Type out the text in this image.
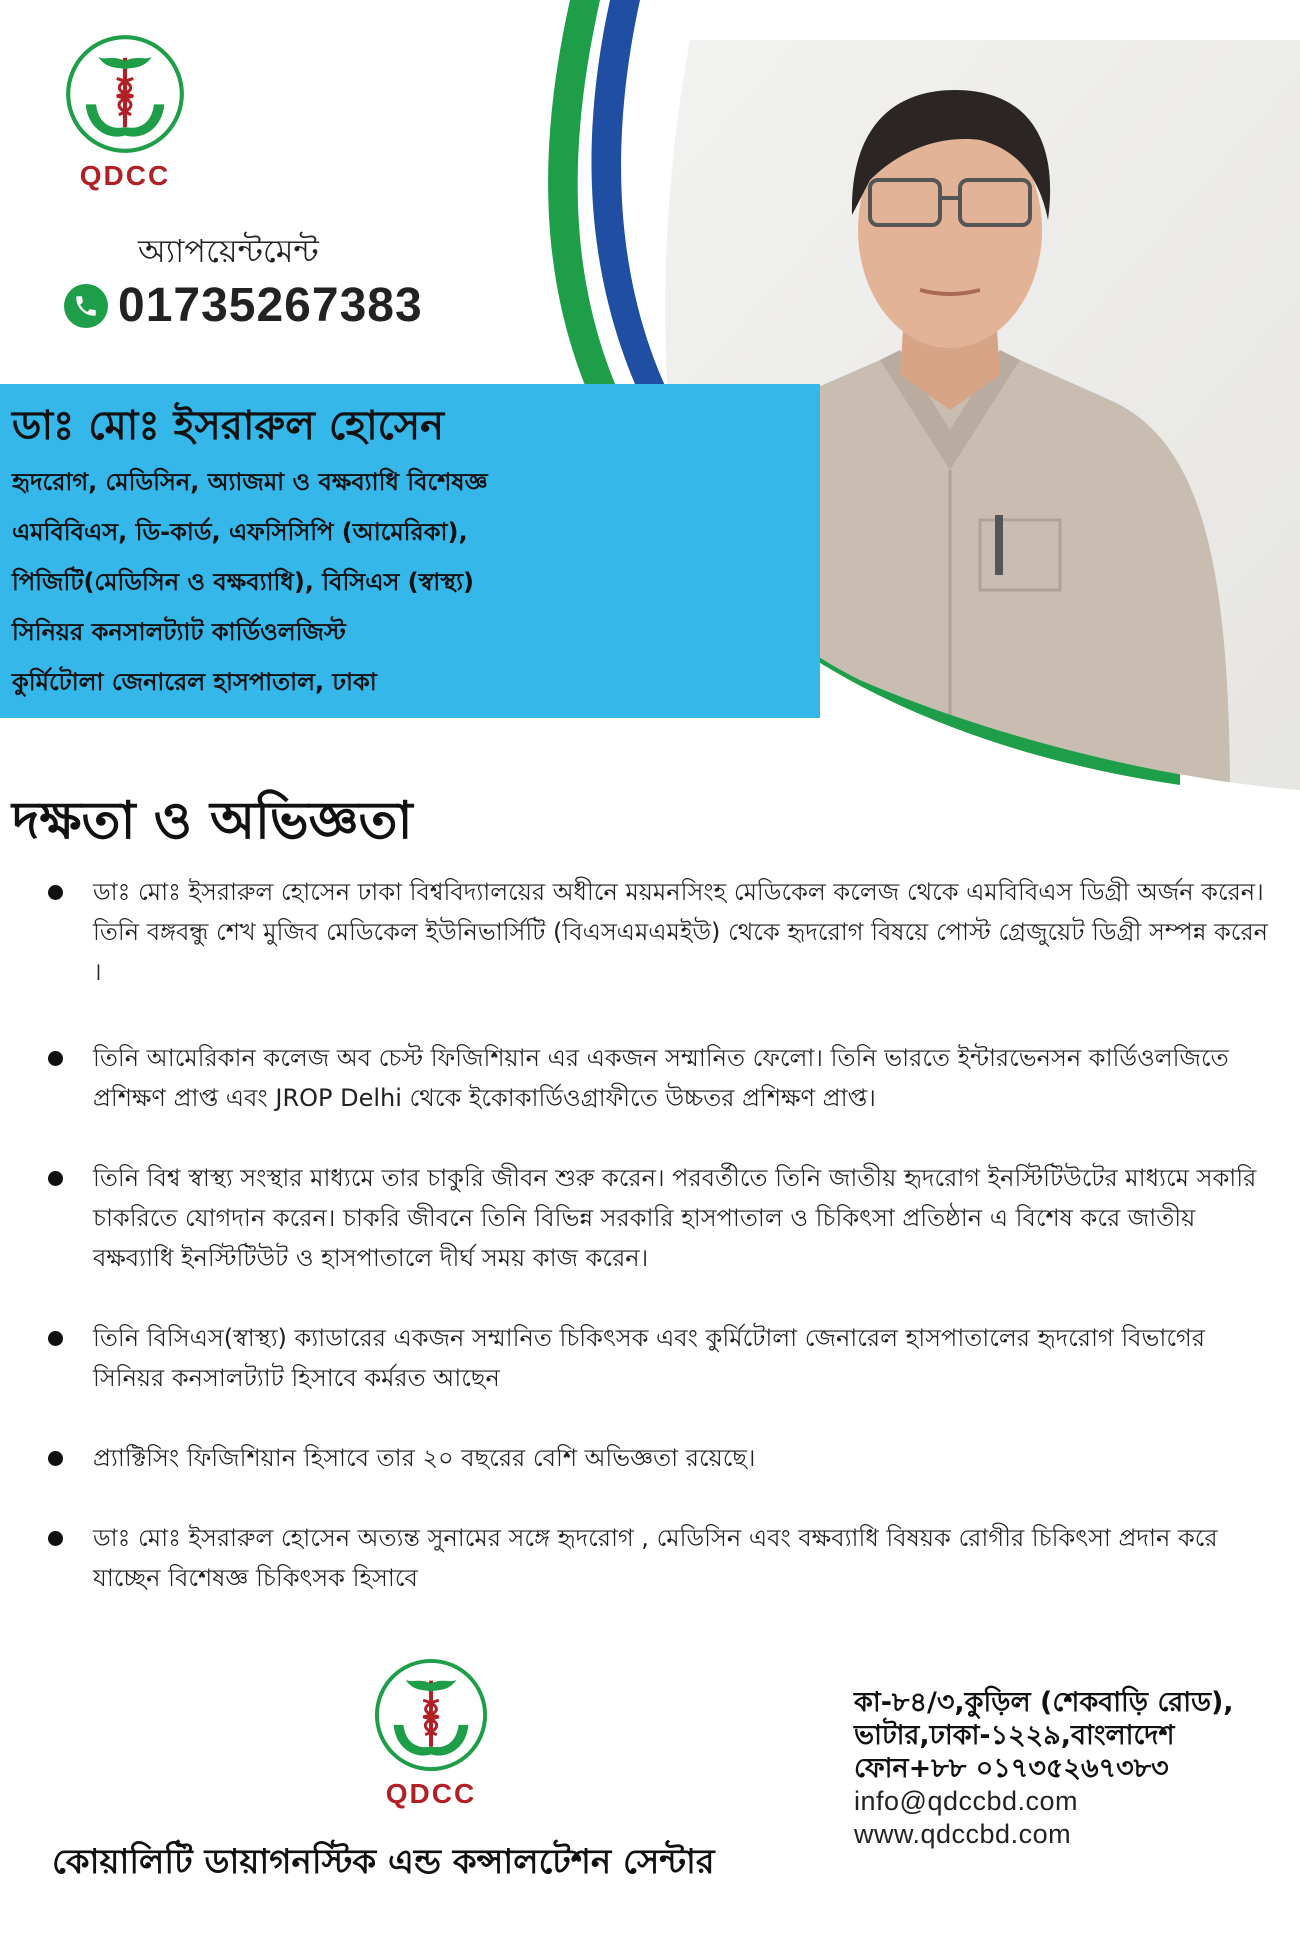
QDCC
অ্যাপয়েন্টমেন্ট
01735267383
ডাঃ মোঃ ইসরারুল হোসেন
হৃদরোগ, মেডিসিন, অ্যাজমা ও বক্ষব্যাধি বিশেষজ্ঞ
এমবিবিএস, ডি-কার্ড, এফসিসিপি (আমেরিকা),
পিজিটি(মেডিসিন ও বক্ষব্যাধি), বিসিএস (স্বাস্থ্য)
সিনিয়র কনসালট্যাট কার্ডিওলজিস্ট
কুর্মিটোলা জেনারেল হাসপাতাল, ঢাকা
দক্ষতা ও অভিজ্ঞতা
ডাঃ মোঃ ইসরারুল হোসেন ঢাকা বিশ্ববিদ্যালয়ের অধীনে ময়মনসিংহ মেডিকেল কলেজ থেকে এমবিবিএস ডিগ্রী অর্জন করেন। তিনি বঙ্গবন্ধু শেখ মুজিব মেডিকেল ইউনিভার্সিটি (বিএসএমএমইউ) থেকে হৃদরোগ বিষয়ে পোস্ট গ্রেজুয়েট ডিগ্রী সম্পন্ন করেন ।
তিনি আমেরিকান কলেজ অব চেস্ট ফিজিশিয়ান এর একজন সম্মানিত ফেলো। তিনি ভারতে ইন্টারভেনসন কার্ডিওলজিতে প্রশিক্ষণ প্রাপ্ত এবং JROP Delhi থেকে ইকোকার্ডিওগ্রাফীতে উচ্চতর প্রশিক্ষণ প্রাপ্ত।
তিনি বিশ্ব স্বাস্থ্য সংস্থার মাধ্যমে তার চাকুরি জীবন শুরু করেন। পরবর্তীতে তিনি জাতীয় হৃদরোগ ইনস্টিটিউটের মাধ্যমে সকারি চাকরিতে যোগদান করেন। চাকরি জীবনে তিনি বিভিন্ন সরকারি হাসপাতাল ও চিকিৎসা প্রতিষ্ঠান এ বিশেষ করে জাতীয় বক্ষব্যাধি ইনস্টিটিউট ও হাসপাতালে দীর্ঘ সময় কাজ করেন।
তিনি বিসিএস(স্বাস্থ্য) ক্যাডারের একজন সম্মানিত চিকিৎসক এবং কুর্মিটোলা জেনারেল হাসপাতালের হৃদরোগ বিভাগের সিনিয়র কনসালট্যাট হিসাবে কর্মরত আছেন
প্র্যাক্টিসিং ফিজিশিয়ান হিসাবে তার ২০ বছরের বেশি অভিজ্ঞতা রয়েছে।
ডাঃ মোঃ ইসরারুল হোসেন অত্যন্ত সুনামের সঙ্গে হৃদরোগ , মেডিসিন এবং বক্ষব্যাধি বিষয়ক রোগীর চিকিৎসা প্রদান করে যাচ্ছেন বিশেষজ্ঞ চিকিৎসক হিসাবে
QDCC
কোয়ালিটি ডায়াগনস্টিক এন্ড কন্সালটেশন সেন্টার
কা-৮৪/৩,কুড়িল (শেকবাড়ি রোড),
ভাটার,ঢাকা-১২২৯,বাংলাদেশ
ফোন+৮৮ ০১৭৩৫২৬৭৩৮৩
info@qdccbd.com
www.qdccbd.com
